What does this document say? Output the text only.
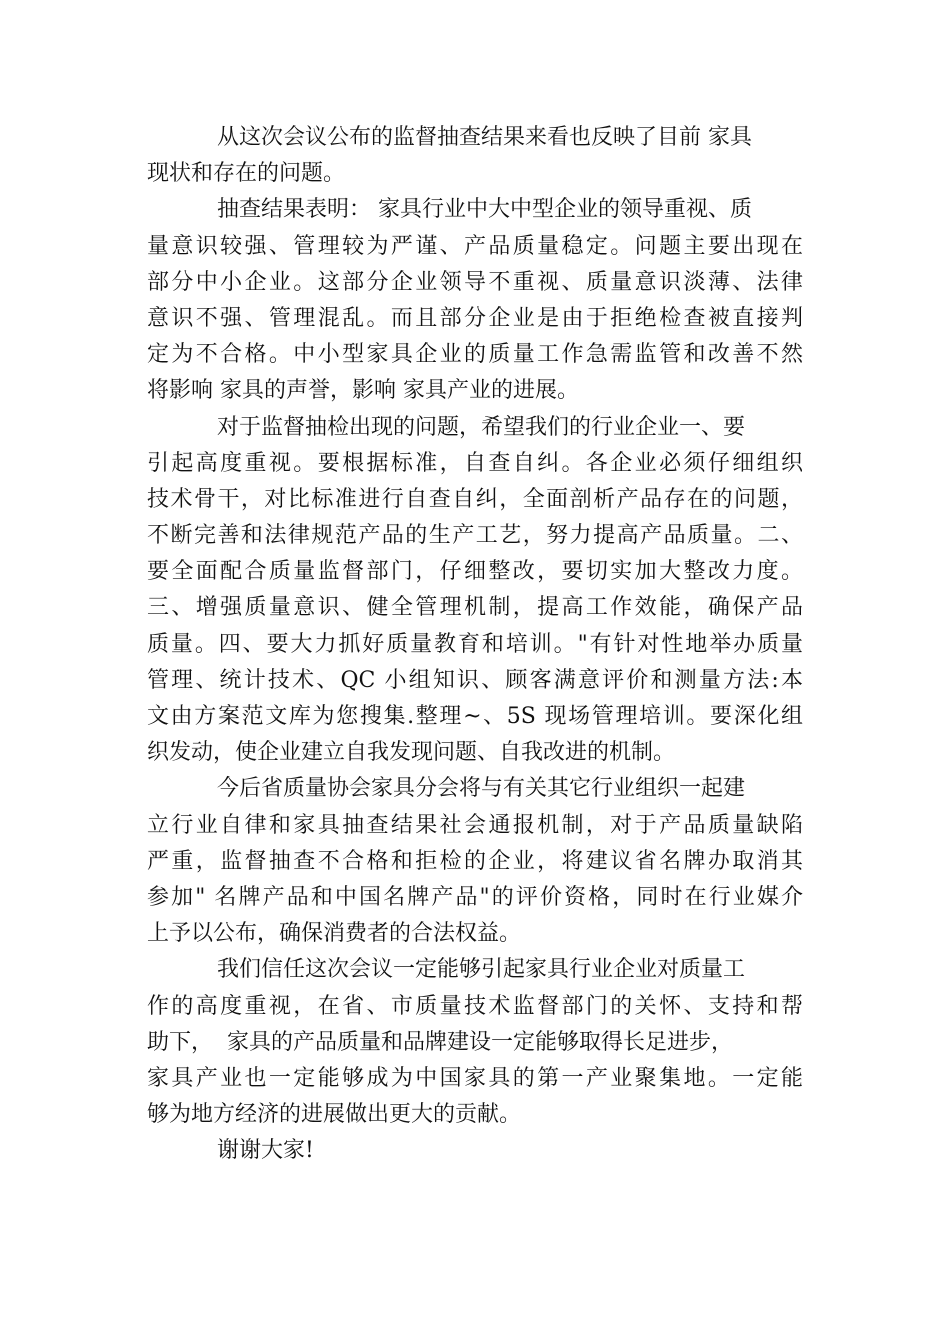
从这次会议公布的监督抽查结果来看也反映了目前 家具
现状和存在的问题。
抽查结果表明： 家具行业中大中型企业的领导重视、质
量意识较强、管理较为严谨、产品质量稳定。问题主要出现在
部分中小企业。这部分企业领导不重视、质量意识淡薄、法律
意识不强、管理混乱。而且部分企业是由于拒绝检查被直接判
定为不合格。中小型家具企业的质量工作急需监管和改善不然
将影响 家具的声誉，影响 家具产业的进展。
对于监督抽检出现的问题，希望我们的行业企业一、要
引起高度重视。要根据标准，自查自纠。各企业必须仔细组织
技术骨干，对比标准进行自查自纠，全面剖析产品存在的问题，
不断完善和法律规范产品的生产工艺，努力提高产品质量。二、
要全面配合质量监督部门，仔细整改，要切实加大整改力度。
三、增强质量意识、健全管理机制，提高工作效能，确保产品
质量。四、要大力抓好质量教育和培训。"有针对性地举办质量
管理、统计技术、QC 小组知识、顾客满意评价和测量方法:本
文由方案范文库为您搜集.整理~、5S 现场管理培训。要深化组
织发动，使企业建立自我发现问题、自我改进的机制。
今后省质量协会家具分会将与有关其它行业组织一起建
立行业自律和家具抽查结果社会通报机制，对于产品质量缺陷
严重，监督抽查不合格和拒检的企业，将建议省名牌办取消其
参加" 名牌产品和中国名牌产品"的评价资格，同时在行业媒介
上予以公布，确保消费者的合法权益。
我们信任这次会议一定能够引起家具行业企业对质量工
作的高度重视，在省、市质量技术监督部门的关怀、支持和帮
助下，  家具的产品质量和品牌建设一定能够取得长足进步，
家具产业也一定能够成为中国家具的第一产业聚集地。一定能
够为地方经济的进展做出更大的贡献。
谢谢大家!
